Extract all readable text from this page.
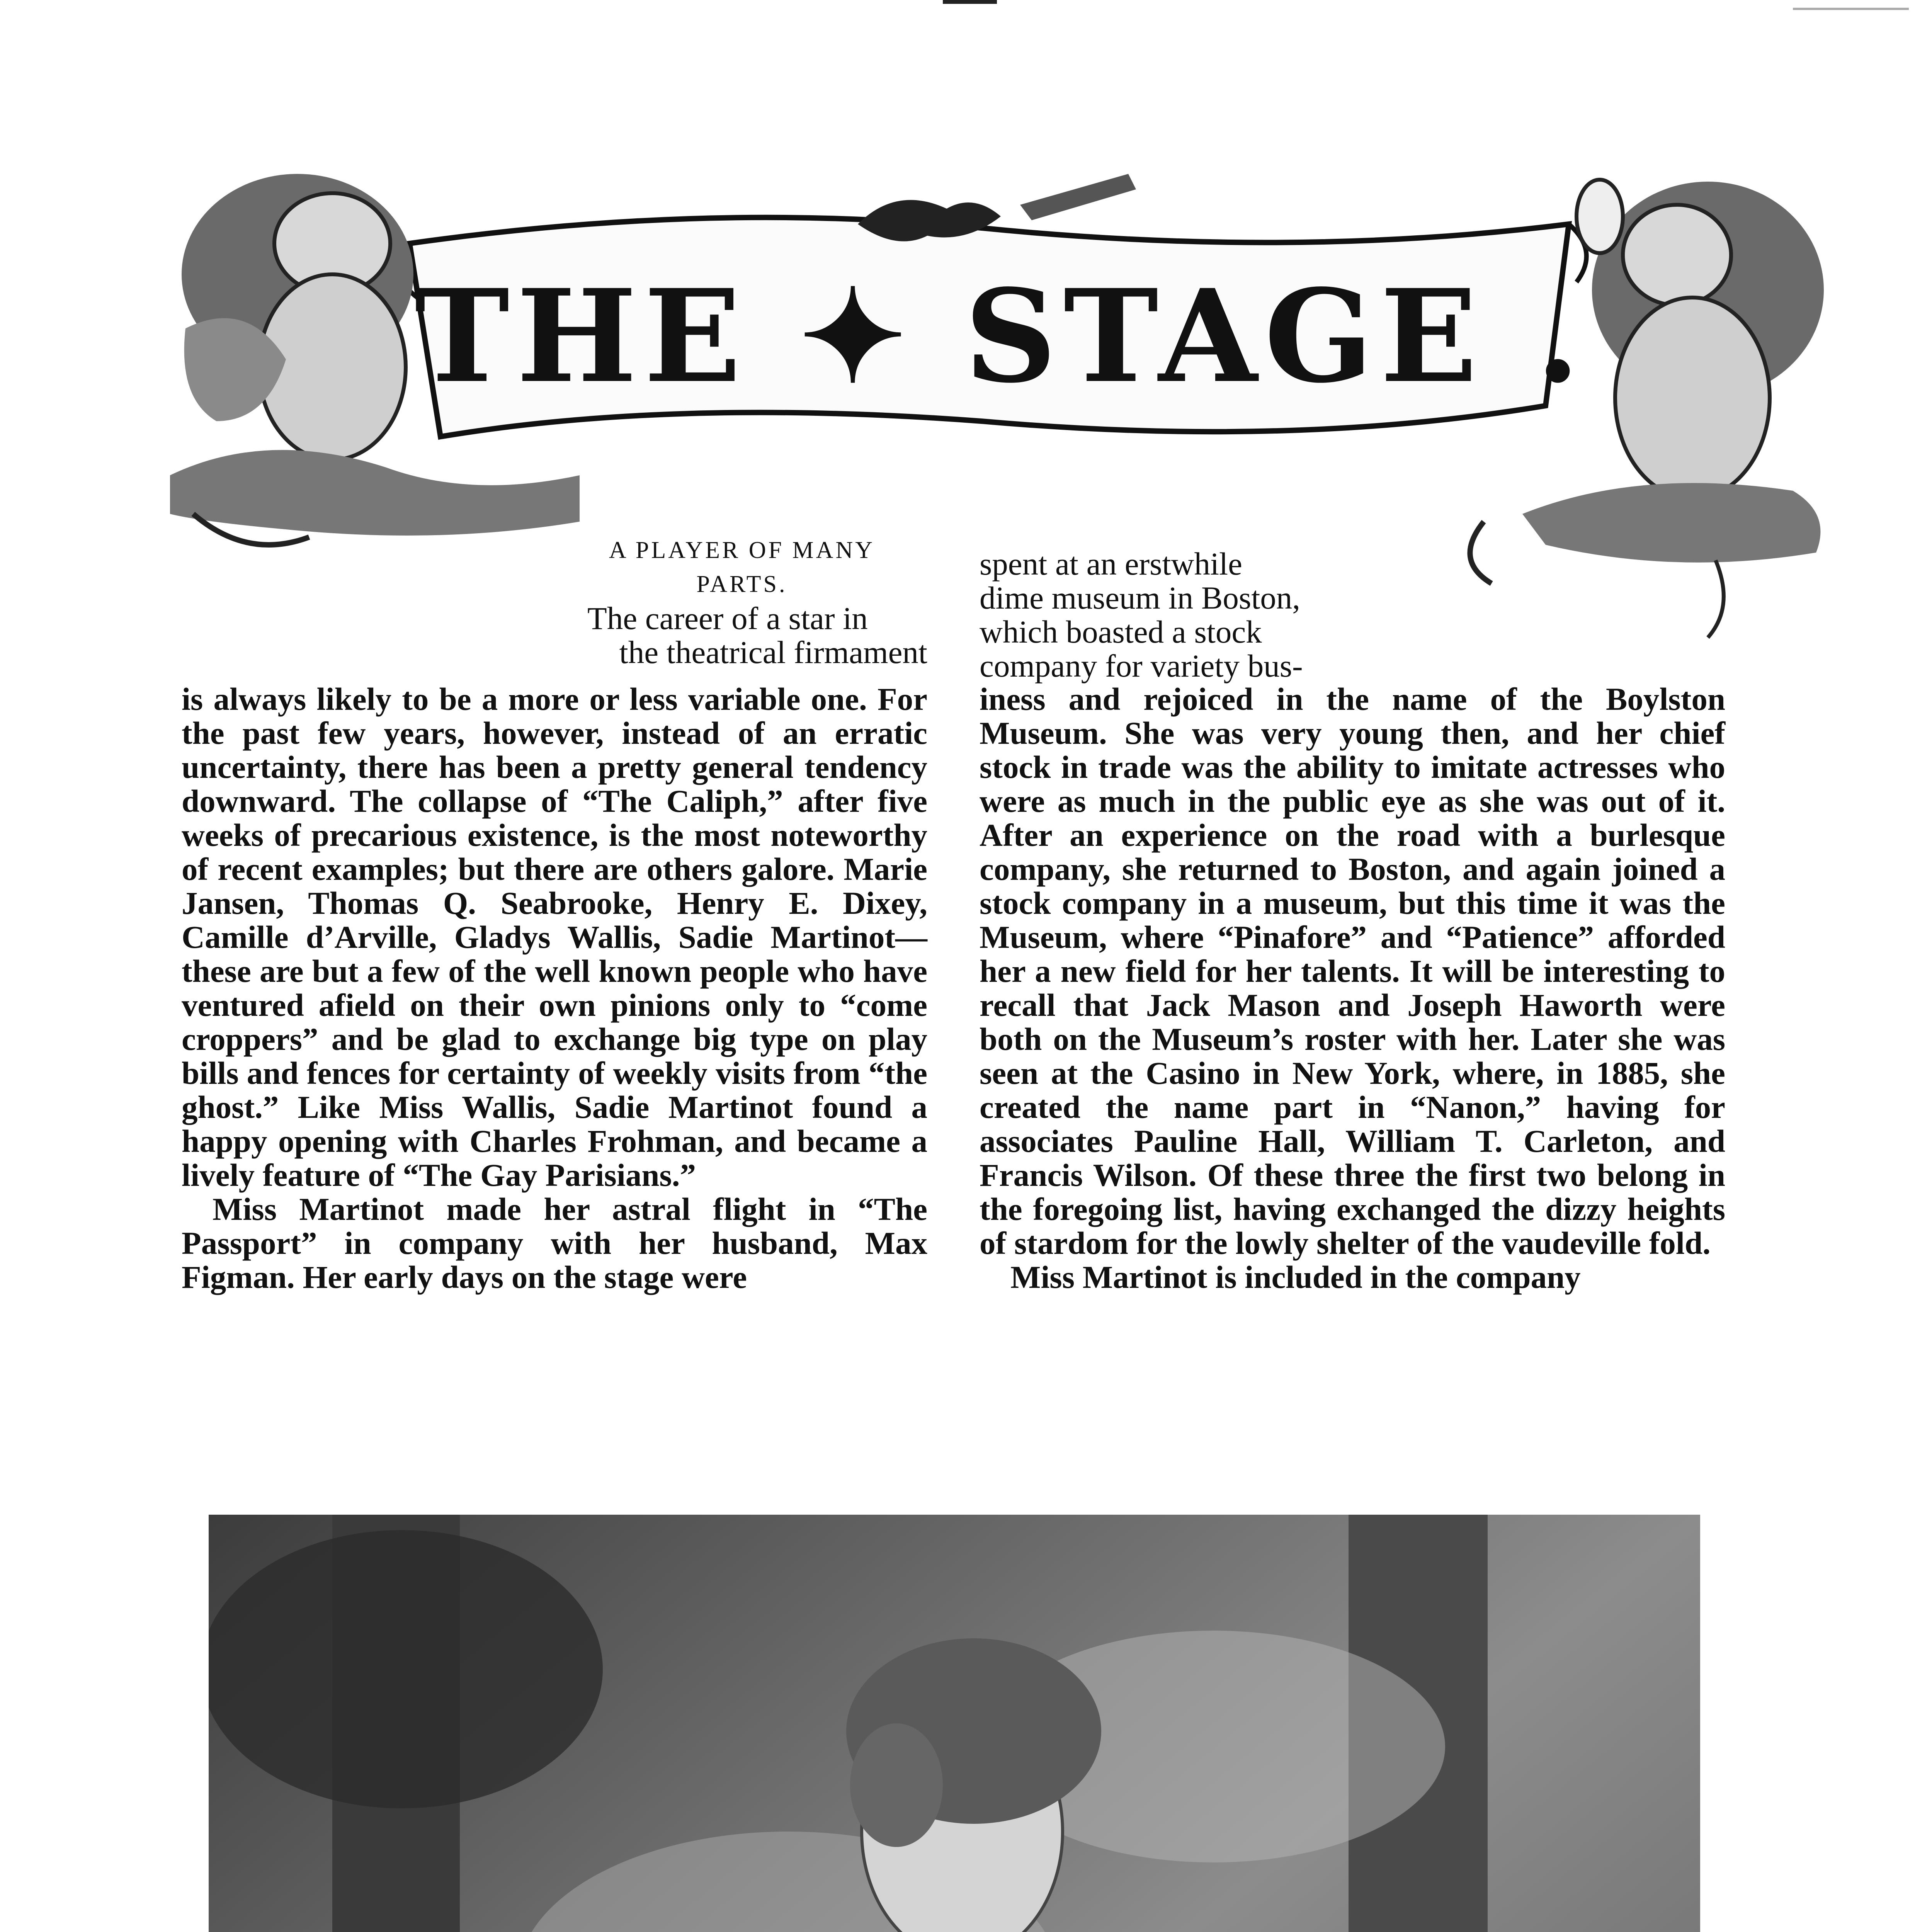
THE ✦ STAGE .

A PLAYER OF MANY

PARTS.

The career of a star in

the theatrical firmament

is always likely to be a more or less variable one. For the past few years, however, instead of an erratic uncertainty, there has been a pretty general tendency downward. The collapse of “The Caliph,” after five weeks of precarious existence, is the most noteworthy of recent examples; but there are others galore. Marie Jansen, Thomas Q. Seabrooke, Henry E. Dixey, Camille d’Arville, Gladys Wallis, Sadie Martinot—these are but a few of the well known people who have ventured afield on their own pinions only to “come croppers” and be glad to exchange big type on play bills and fences for certainty of weekly visits from “the ghost.” Like Miss Wallis, Sadie Martinot found a happy opening with Charles Frohman, and became a lively feature of “The Gay Parisians.”

Miss Martinot made her astral flight in “The Passport” in company with her husband, Max Figman. Her early days on the stage were

spent at an erstwhile

dime museum in Boston,

which boasted a stock

company for variety bus-

iness and rejoiced in the name of the Boylston Museum. She was very young then, and her chief stock in trade was the ability to imitate actresses who were as much in the public eye as she was out of it. After an experience on the road with a burlesque company, she returned to Boston, and again joined a stock company in a museum, but this time it was the Museum, where “Pinafore” and “Patience” afforded her a new field for her talents. It will be interesting to recall that Jack Mason and Joseph Haworth were both on the Museum’s roster with her. Later she was seen at the Casino in New York, where, in 1885, she created the name part in “Nanon,” having for associates Pauline Hall, William T. Carleton, and Francis Wilson. Of these three the first two belong in the foregoing list, having exchanged the dizzy heights of stardom for the lowly shelter of the vaudeville fold.

Miss Martinot is included in the company
